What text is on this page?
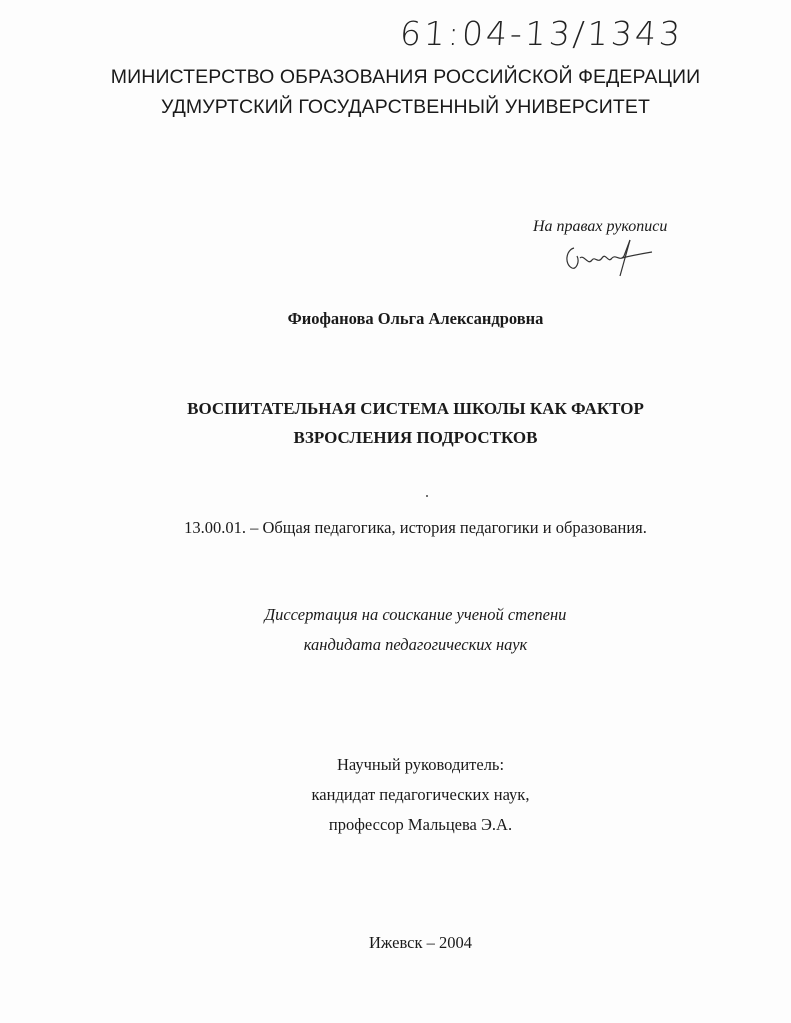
61:04-13/1343
МИНИСТЕРСТВО ОБРАЗОВАНИЯ РОССИЙСКОЙ ФЕДЕРАЦИИ
УДМУРТСКИЙ ГОСУДАРСТВЕННЫЙ УНИВЕРСИТЕТ
На правах рукописи
Фиофанова Ольга Александровна
ВОСПИТАТЕЛЬНАЯ СИСТЕМА ШКОЛЫ КАК ФАКТОР
ВЗРОСЛЕНИЯ ПОДРОСТКОВ
13.00.01. – Общая педагогика, история педагогики и образования.
Диссертация на соискание ученой степени
кандидата педагогических наук
Научный руководитель:
кандидат педагогических наук,
профессор Мальцева Э.А.
Ижевск – 2004
